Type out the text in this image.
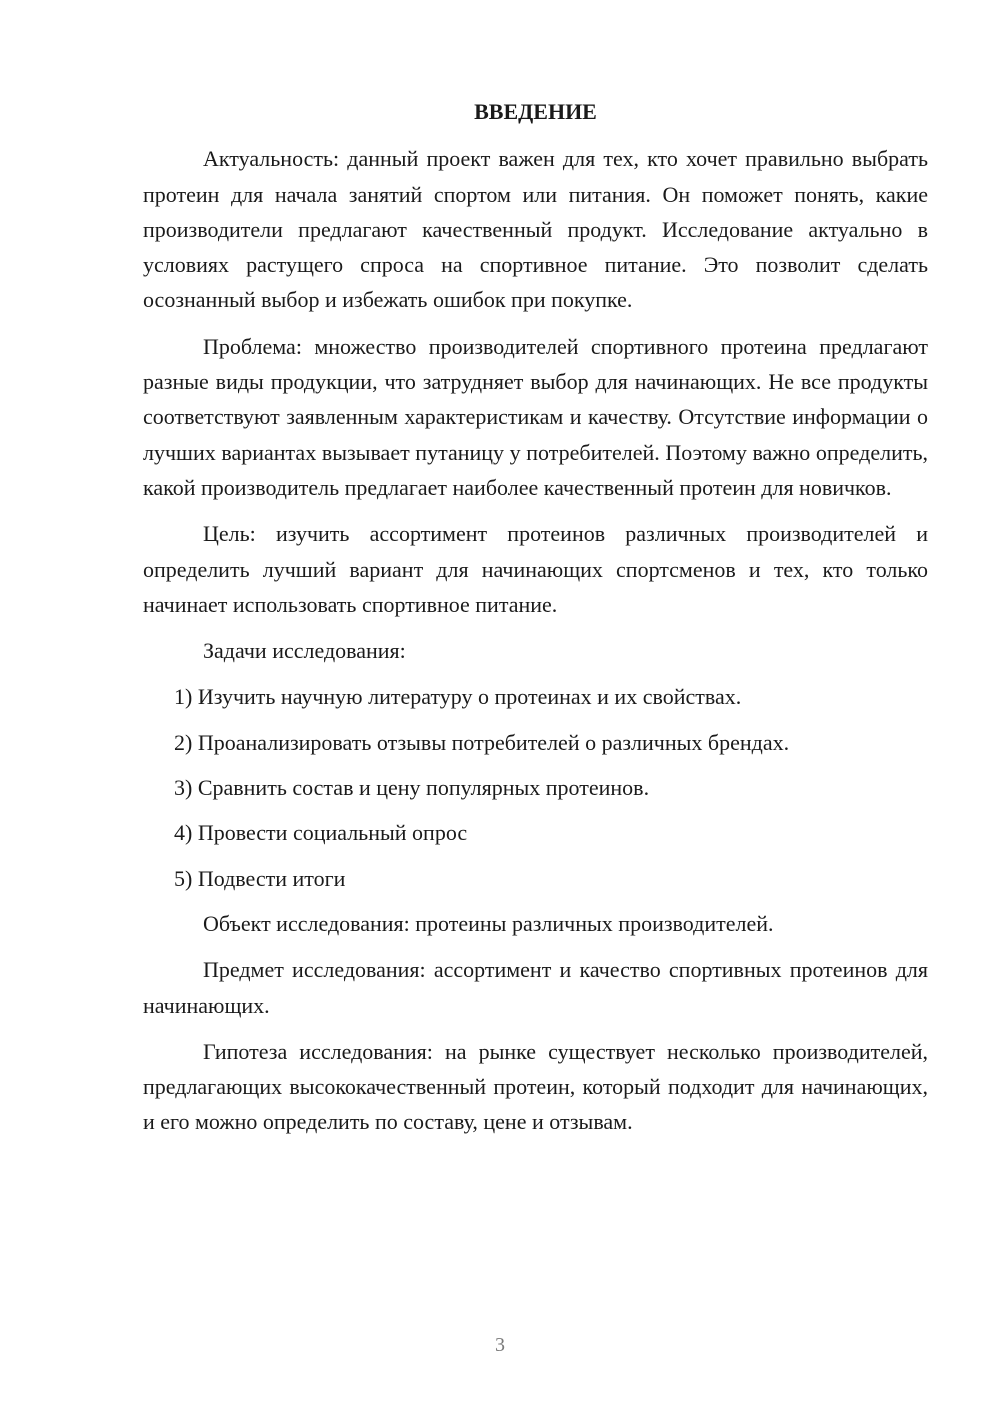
ВВЕДЕНИЕ

Актуальность: данный проект важен для тех, кто хочет правильно выбрать протеин для начала занятий спортом или питания. Он поможет понять, какие производители предлагают качественный продукт. Исследование актуально в условиях растущего спроса на спортивное питание. Это позволит сделать осознанный выбор и избежать ошибок при покупке.

Проблема: множество производителей спортивного протеина предлагают разные виды продукции, что затрудняет выбор для начинающих. Не все продукты соответствуют заявленным характеристикам и качеству. Отсутствие информации о лучших вариантах вызывает путаницу у потребителей. Поэтому важно определить, какой производитель предлагает наиболее качественный протеин для новичков.

Цель: изучить ассортимент протеинов различных производителей и определить лучший вариант для начинающих спортсменов и тех, кто только начинает использовать спортивное питание.

Задачи исследования:

1) Изучить научную литературу о протеинах и их свойствах.

2) Проанализировать отзывы потребителей о различных брендах.

3) Сравнить состав и цену популярных протеинов.

4) Провести социальный опрос

5) Подвести итоги

Объект исследования: протеины различных производителей.

Предмет исследования: ассортимент и качество спортивных протеинов для начинающих.

Гипотеза исследования: на рынке существует несколько производителей, предлагающих высококачественный протеин, который подходит для начинающих, и его можно определить по составу, цене и отзывам.

3
